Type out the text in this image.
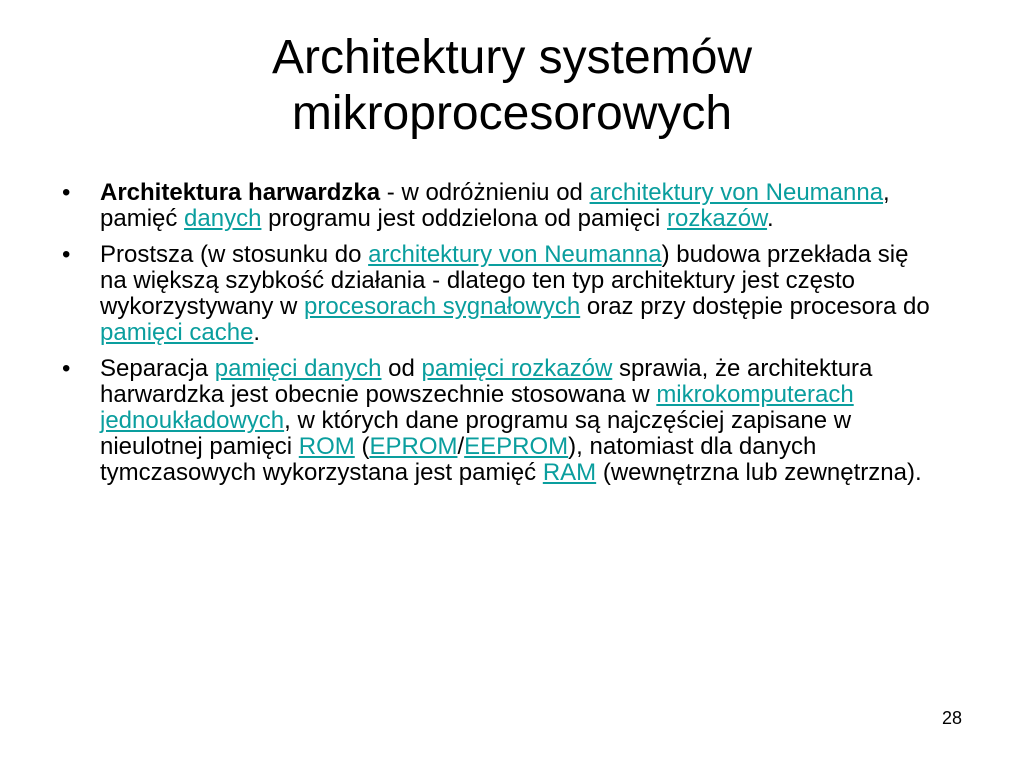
Architektury systemów
mikroprocesorowych
• Architektura harwardzka - w odróżnieniu od architektury von Neumanna, pamięć danych programu jest oddzielona od pamięci rozkazów.
• Prostsza (w stosunku do architektury von Neumanna) budowa przekłada się na większą szybkość działania - dlatego ten typ architektury jest często wykorzystywany w procesorach sygnałowych oraz przy dostępie procesora do pamięci cache.
• Separacja pamięci danych od pamięci rozkazów sprawia, że architektura harwardzka jest obecnie powszechnie stosowana w mikrokomputerach jednoukładowych, w których dane programu są najczęściej zapisane w nieulotnej pamięci ROM (EPROM/EEPROM), natomiast dla danych tymczasowych wykorzystana jest pamięć RAM (wewnętrzna lub zewnętrzna).
28
